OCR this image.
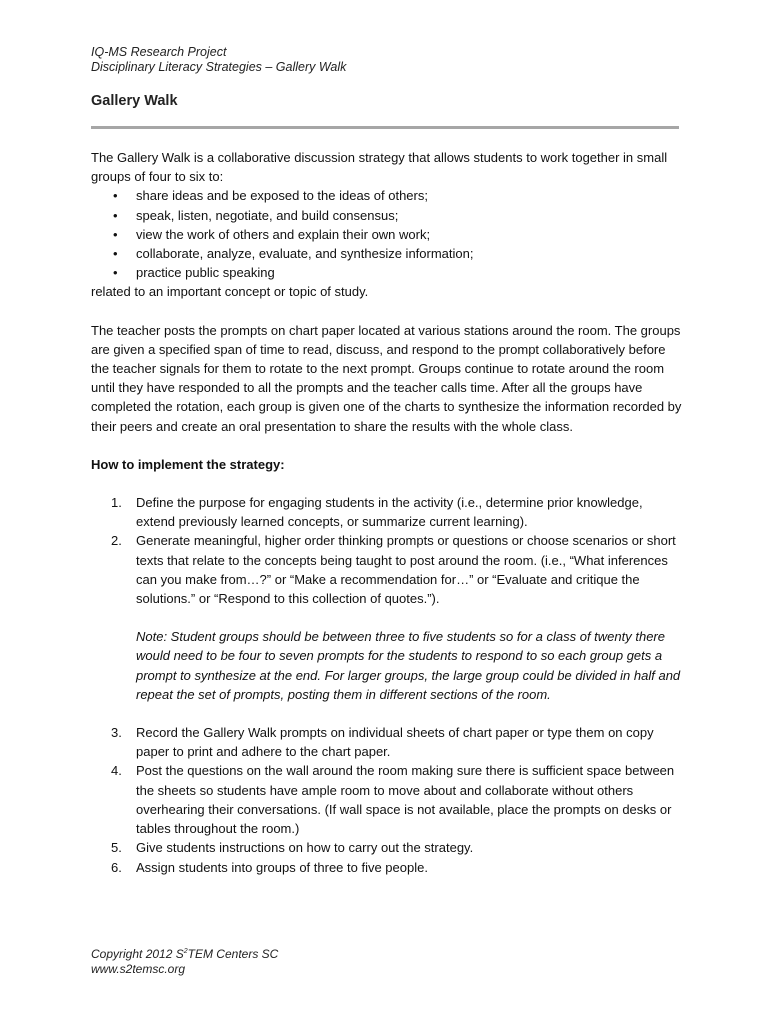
IQ-MS Research Project
Disciplinary Literacy Strategies – Gallery Walk
Gallery Walk

The Gallery Walk is a collaborative discussion strategy that allows students to work together in small groups of four to six to:

• share ideas and be exposed to the ideas of others;
• speak, listen, negotiate, and build consensus;
• view the work of others and explain their own work;
• collaborate, analyze, evaluate, and synthesize information;
• practice public speaking

related to an important concept or topic of study.

The teacher posts the prompts on chart paper located at various stations around the room. The groups are given a specified span of time to read, discuss, and respond to the prompt collaboratively before the teacher signals for them to rotate to the next prompt. Groups continue to rotate around the room until they have responded to all the prompts and the teacher calls time. After all the groups have completed the rotation, each group is given one of the charts to synthesize the information recorded by their peers and create an oral presentation to share the results with the whole class.

How to implement the strategy:

1. Define the purpose for engaging students in the activity (i.e., determine prior knowledge, extend previously learned concepts, or summarize current learning).
2. Generate meaningful, higher order thinking prompts or questions or choose scenarios or short texts that relate to the concepts being taught to post around the room. (i.e., “What inferences can you make from…?” or “Make a recommendation for…” or “Evaluate and critique the solutions.” or “Respond to this collection of quotes.”).

Note: Student groups should be between three to five students so for a class of twenty there would need to be four to seven prompts for the students to respond to so each group gets a prompt to synthesize at the end. For larger groups, the large group could be divided in half and repeat the set of prompts, posting them in different sections of the room.

3. Record the Gallery Walk prompts on individual sheets of chart paper or type them on copy paper to print and adhere to the chart paper.
4. Post the questions on the wall around the room making sure there is sufficient space between the sheets so students have ample room to move about and collaborate without others overhearing their conversations. (If wall space is not available, place the prompts on desks or tables throughout the room.)
5. Give students instructions on how to carry out the strategy.
6. Assign students into groups of three to five people.
Copyright 2012 $S^2TEM$ Centers SC
www.s2temsc.org
